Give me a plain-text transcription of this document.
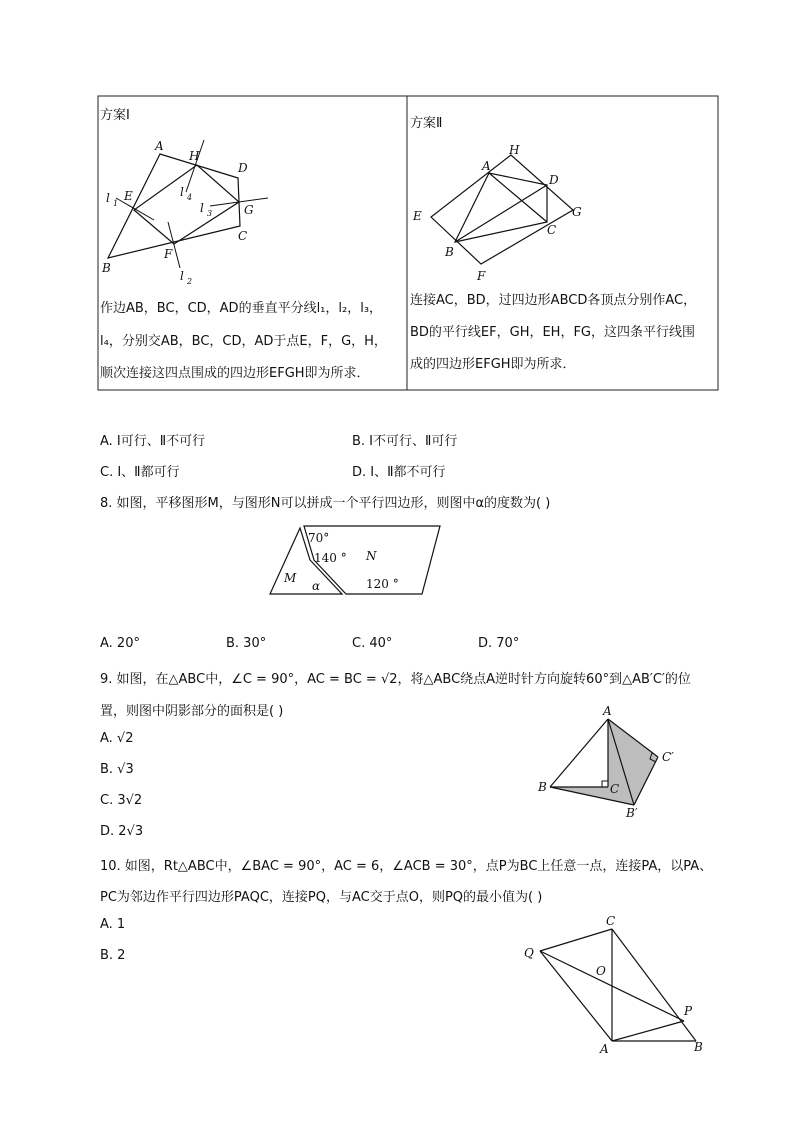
方案Ⅰ
方案Ⅱ
A
B
C
D
E
F
G
H
l 1
l 2
l 3
l 4
作边AB，BC，CD，AD的垂直平分线l₁，l₂，l₃，
l₄，分别交AB，BC，CD，AD于点E，F，G，H，
顺次连接这四点围成的四边形EFGH即为所求．
A
B
C
D
E
F
G
H
连接AC，BD，过四边形ABCD各顶点分别作AC，
BD的平行线EF，GH，EH，FG，这四条平行线围
成的四边形EFGH即为所求．
A. Ⅰ可行、Ⅱ不可行	B. Ⅰ不可行、Ⅱ可行
C. Ⅰ、Ⅱ都可行	D. Ⅰ、Ⅱ都不可行
8. 如图，平移图形M，与图形N可以拼成一个平行四边形，则图中α的度数为( )
70°
140 ° N
M
α	120 °
A. 20°	B. 30°	C. 40°	D. 70°
9. 如图，在△ABC中，∠C = 90°，AC = BC = √2，将△ABC绕点A逆时针方向旋转60°到△AB′C′的位
置，则图中阴影部分的面积是( )
A. √2
B. √3
C. 3√2
D. 2√3
A
B	C
B′
C′
10. 如图，Rt△ABC中，∠BAC = 90°，AC = 6，∠ACB = 30°，点P为BC上任意一点，连接PA，以PA、
PC为邻边作平行四边形PAQC，连接PQ，与AC交于点O，则PQ的最小值为( )
A. 1
B. 2
C
Q
O
P
A	B
